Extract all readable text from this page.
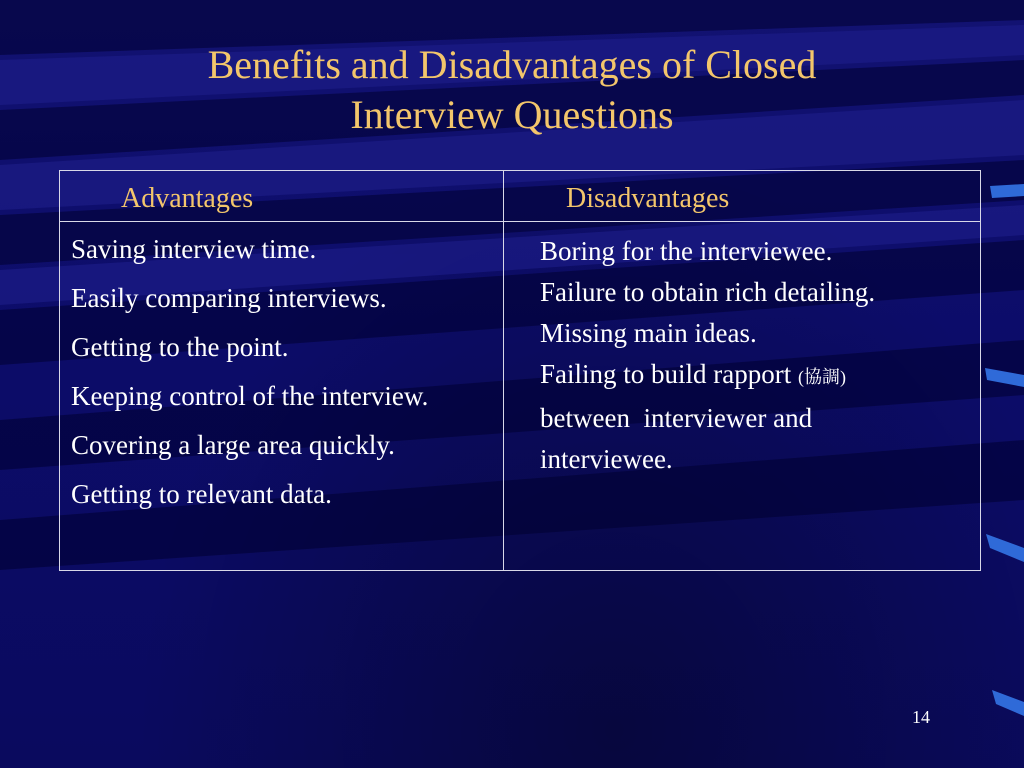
Benefits and Disadvantages of Closed
Interview Questions
Advantages	Disadvantages
Saving interview time.
Easily comparing interviews.
Getting to the point.
Keeping control of the interview.
Covering a large area quickly.
Getting to relevant data.
Boring for the interviewee.
Failure to obtain rich detailing.
Missing main ideas.
Failing to build rapport (協調)
between  interviewer and
interviewee.
14
